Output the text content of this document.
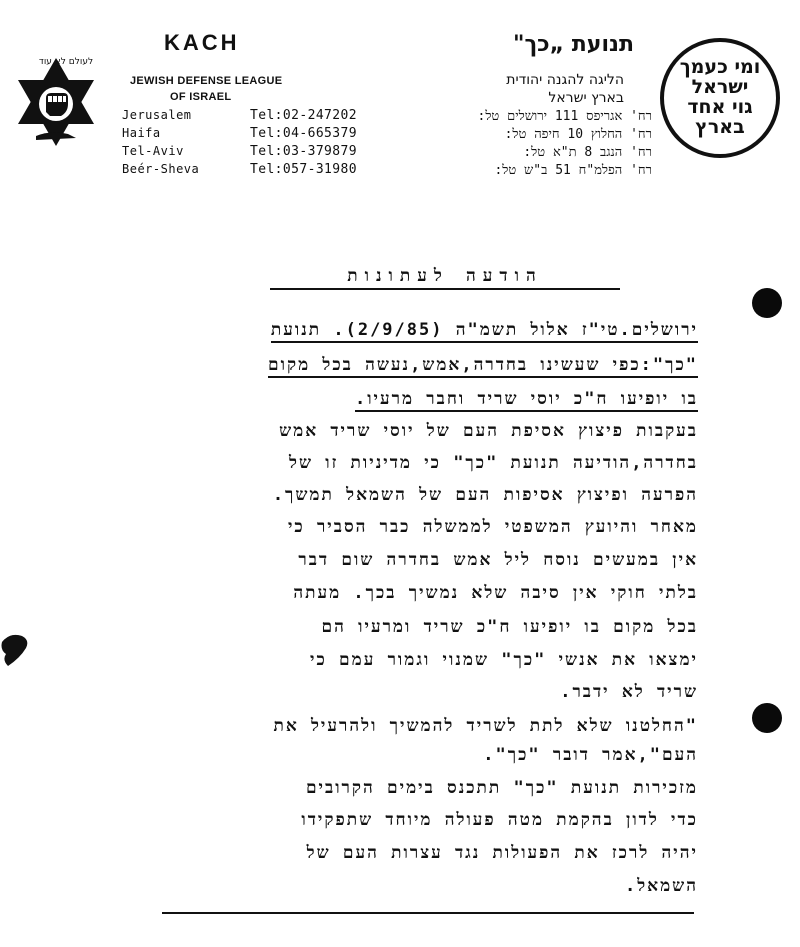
לעולם לא עוד
KACH
JEWISH DEFENSE LEAGUE
OF ISRAEL
Jerusalem
Haifa
Tel-Aviv
Beér-Sheva
Tel:02-247202
Tel:04-665379
Tel:03-379879
Tel:057-31980
תנועת „כך"
הליגה להגנה יהודית
בארץ ישראל
רח' אגריפס 111 ירושלים טל:
רח' החלוץ 10 חיפה טל:
רח' הנגב 8 ת"א טל:
רח' הפלמ"ח 51 ב"ש טל:
ומי כעמך
ישראל
גוי אחד
בארץ
הודעה לעתונות
ירושלים.טי"ז אלול תשמ"ה (2/9/85). תנועת
"כך":כפי שעשינו בחדרה,אמש,נעשה בכל מקום
בו יופיעו ח"כ יוסי שריד וחבר מרעיו.
בעקבות פיצוץ אסיפת העם של יוסי שריד אמש
בחדרה,הודיעה תנועת "כך" כי מדיניות זו של
הפרעה ופיצוץ אסיפות העם של השמאל תמשך.
מאחר והיועץ המשפטי לממשלה כבר הסביר כי
אין במעשים נוסח ליל אמש בחדרה שום דבר
בלתי חוקי אין סיבה שלא נמשיך בכך. מעתה
בכל מקום בו יופיעו ח"כ שריד ומרעיו הם
ימצאו את אנשי "כך" שמנוי וגמור עמם כי
שריד לא ידבר.
"החלטנו שלא לתת לשריד להמשיך ולהרעיל את
העם",אמר דובר "כך".
מזכירות תנועת "כך" תתכנס בימים הקרובים
כדי לדון בהקמת מטה פעולה מיוחד שתפקידו
יהיה לרכז את הפעולות נגד עצרות העם של
השמאל.
